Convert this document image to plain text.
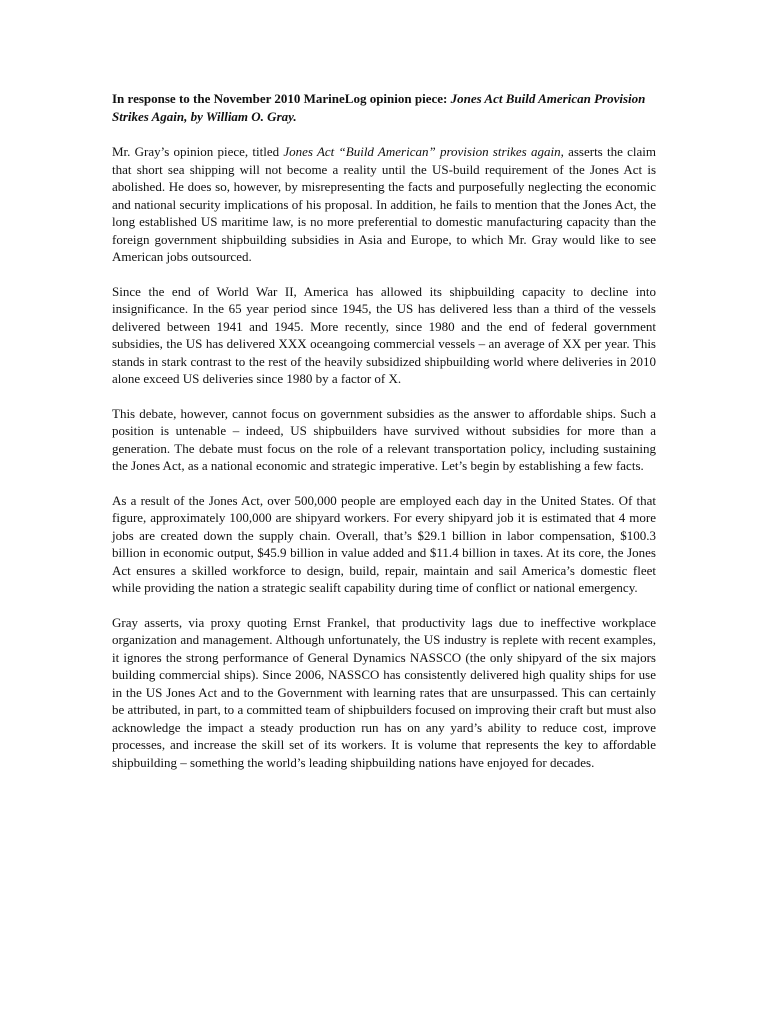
In response to the November 2010 MarineLog opinion piece: Jones Act Build American Provision Strikes Again, by William O. Gray.

Mr. Gray’s opinion piece, titled Jones Act “Build American” provision strikes again, asserts the claim that short sea shipping will not become a reality until the US-build requirement of the Jones Act is abolished. He does so, however, by misrepresenting the facts and purposefully neglecting the economic and national security implications of his proposal. In addition, he fails to mention that the Jones Act, the long established US maritime law, is no more preferential to domestic manufacturing capacity than the foreign government shipbuilding subsidies in Asia and Europe, to which Mr. Gray would like to see American jobs outsourced.

Since the end of World War II, America has allowed its shipbuilding capacity to decline into insignificance. In the 65 year period since 1945, the US has delivered less than a third of the vessels delivered between 1941 and 1945. More recently, since 1980 and the end of federal government subsidies, the US has delivered XXX oceangoing commercial vessels – an average of XX per year. This stands in stark contrast to the rest of the heavily subsidized shipbuilding world where deliveries in 2010 alone exceed US deliveries since 1980 by a factor of X.

This debate, however, cannot focus on government subsidies as the answer to affordable ships. Such a position is untenable – indeed, US shipbuilders have survived without subsidies for more than a generation. The debate must focus on the role of a relevant transportation policy, including sustaining the Jones Act, as a national economic and strategic imperative. Let’s begin by establishing a few facts.

As a result of the Jones Act, over 500,000 people are employed each day in the United States. Of that figure, approximately 100,000 are shipyard workers. For every shipyard job it is estimated that 4 more jobs are created down the supply chain. Overall, that’s $29.1 billion in labor compensation, $100.3 billion in economic output, $45.9 billion in value added and $11.4 billion in taxes. At its core, the Jones Act ensures a skilled workforce to design, build, repair, maintain and sail America’s domestic fleet while providing the nation a strategic sealift capability during time of conflict or national emergency.

Gray asserts, via proxy quoting Ernst Frankel, that productivity lags due to ineffective workplace organization and management. Although unfortunately, the US industry is replete with recent examples, it ignores the strong performance of General Dynamics NASSCO (the only shipyard of the six majors building commercial ships). Since 2006, NASSCO has consistently delivered high quality ships for use in the US Jones Act and to the Government with learning rates that are unsurpassed. This can certainly be attributed, in part, to a committed team of shipbuilders focused on improving their craft but must also acknowledge the impact a steady production run has on any yard’s ability to reduce cost, improve processes, and increase the skill set of its workers. It is volume that represents the key to affordable shipbuilding – something the world’s leading shipbuilding nations have enjoyed for decades.
